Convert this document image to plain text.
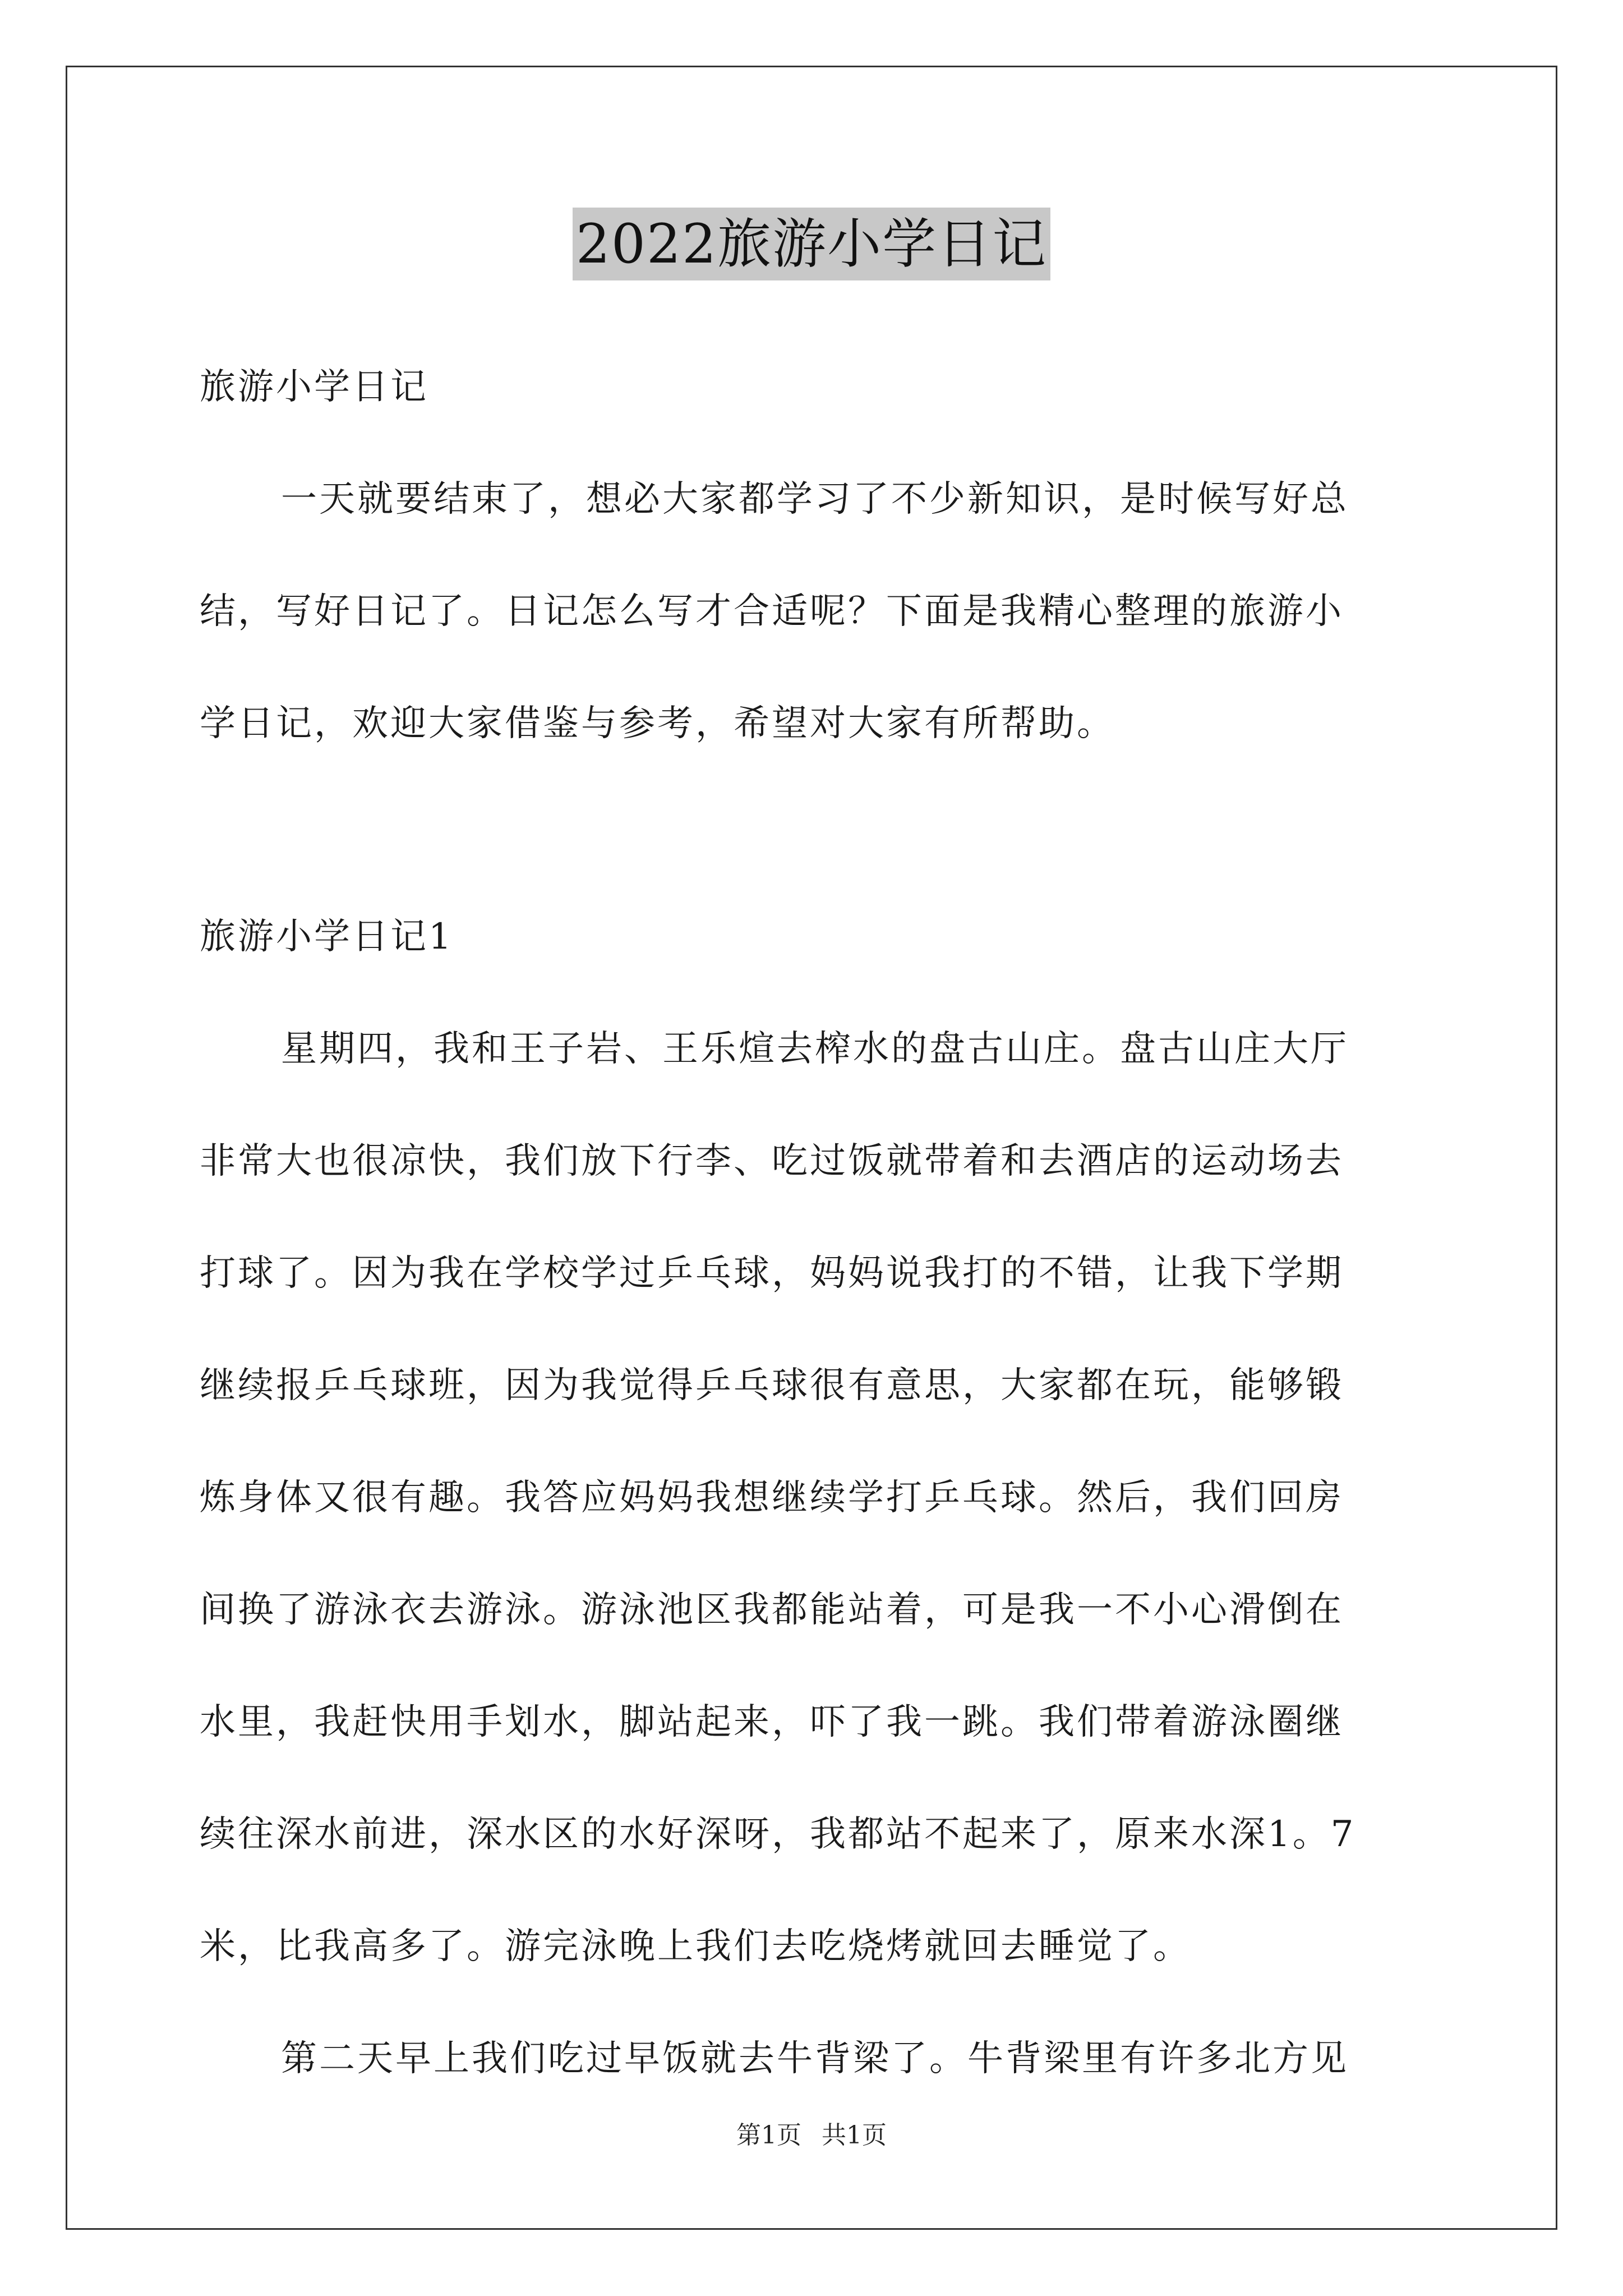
2022旅游小学日记
旅游小学日记
一天就要结束了，想必大家都学习了不少新知识，是时候写好总
结，写好日记了。日记怎么写才合适呢？下面是我精心整理的旅游小
学日记，欢迎大家借鉴与参考，希望对大家有所帮助。
旅游小学日记1
星期四，我和王子岩、王乐煊去榨水的盘古山庄。盘古山庄大厅
非常大也很凉快，我们放下行李、吃过饭就带着和去酒店的运动场去
打球了。因为我在学校学过乒乓球，妈妈说我打的不错，让我下学期
继续报乒乓球班，因为我觉得乒乓球很有意思，大家都在玩，能够锻
炼身体又很有趣。我答应妈妈我想继续学打乒乓球。然后，我们回房
间换了游泳衣去游泳。游泳池区我都能站着，可是我一不小心滑倒在
水里，我赶快用手划水，脚站起来，吓了我一跳。我们带着游泳圈继
续往深水前进，深水区的水好深呀，我都站不起来了，原来水深1。7
米，比我高多了。游完泳晚上我们去吃烧烤就回去睡觉了。
第二天早上我们吃过早饭就去牛背梁了。牛背梁里有许多北方见
第1页 共1页
